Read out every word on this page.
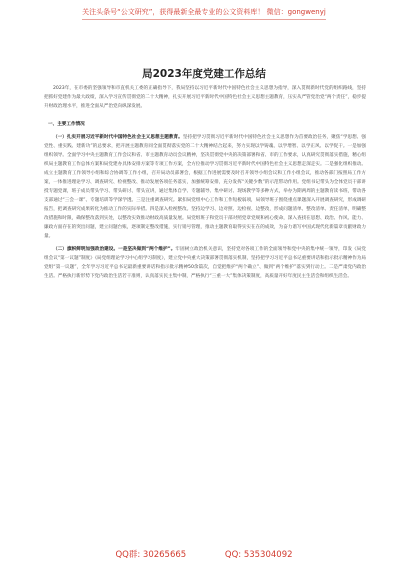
关注头条号“公文研究”，获得最新全最专业的公文资料库！ 微信：gongwenyj
局2023年度党建工作总结

2023年，在市委的坚强领导和市直机关工委的正确指导下，我局坚持以习近平新时代中国特色社会主义思想为指导，深入贯彻新时代党的组织路线，坚持把抓好党建作为最大政绩，深入学习宣传贯彻党的二十大精神，扎实开展习近平新时代中国特色社会主义思想主题教育，压实从严管党治党“两个责任”，稳步提升财政治理水平，推进全面从严治党向纵深发展。

一、主要工作情况

（一）扎实开展习近平新时代中国特色社会主义思想主题教育。坚持把学习贯彻习近平新时代中国特色社会主义思想作为首要政治任务，聚焦“学思想、强党性、重实践、建新功”的总要求，把开展主题教育同全面贯彻落实党的二十大精神结合起来，努力实现以学铸魂、以学增智、以学正风、以学促干。一是加强组织领导。全面学习中央主题教育工作会议和省、市主题教育动员会议精神，坚决贯彻党中央的决策部署和省、市的工作要求，认真研究贯彻落实措施，精心组织局主题教育工作总体方案和局党建办具体安排方案等专项工作方案，全方位推动学习贯彻习近平新时代中国特色社会主义思想走深走实。二是强化组织推动。成立主题教育工作领导小组和综合协调等工作小组，召开局动员部署会，根据工作进展需要及时召开领导小组会议和工作小组会议，推动各部门按照局工作方案，一体推进理论学习、调查研究、检视整改、推动发展各项任务落实，加强统筹安排，充分发挥“关键少数”的示范带动作用。党组书记带头为全体党员干部讲授专题党课，班子成员带头学习、带头研讨、带头宣讲，通过集体自学、专题辅导、集中研讨、现场教学等多种方式，举办为期两周的主题教育读书班，带动各支部通过“三会一课”、专题培训等学深学透。三是注重调查研究。紧扣局党组中心工作和工作短板弱项，局领导班子围绕重点课题深入开展调查研究，形成调研报告，把调查研究成果转化为推动工作的实际举措。四是深入检视整改。坚持边学习、边对照、边检视、边整改，形成问题清单、整改清单、责任清单，明确整改措施和时限，确保整改落到实处，以整改实效推动财政高质量发展。局党组班子和党员干部对照党章党规和初心使命，深入查找在思想、政治、作风、能力、廉政方面存在的突出问题，建立问题台账，逐项制定整改措施，实行销号管理，推动主题教育取得实实在在的成效，为奋力谱写中国式现代化新篇章贡献财政力量。

（二）旗帜鲜明加强政治建设。一是坚决做到“两个维护”。牢固树立政治机关意识，坚持党对各项工作的全面领导和党中央的集中统一领导，印发《局党组会议“第一议题”制度》《局党组理论学习中心组学习制度》，建立党中央重大决策部署贯彻落实机制，坚持把学习习近平总书记重要讲话和指示批示精神作为局党组“第一议题”，全年学习习近平总书记最新重要讲话和指示批示精神50余篇次，自觉把维护“两个确立”、做到“两个维护”落实到行动上。二是严肃党内政治生活。严格执行新形势下党内政治生活若干准则，认真落实民主集中制，严格执行“三重一大”集体决策制度，高质量开好年度民主生活会和组织生活会。

QQ群: 30265665	QQ: 535304092
